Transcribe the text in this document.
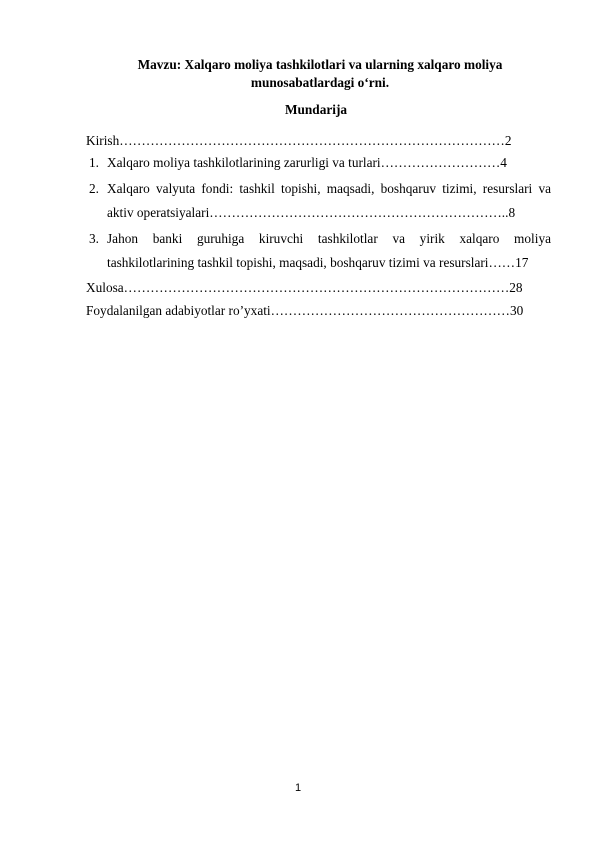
Mavzu: Xalqaro moliya tashkilotlari va ularning xalqaro moliya
munosabatlardagi o‘rni.
Mundarija
Kirish……………………………………………………………………………2
1. Xalqaro moliya tashkilotlarining zarurligi va turlari………………………4
2. Xalqaro valyuta fondi: tashkil topishi, maqsadi, boshqaruv tizimi, resurslari va
aktiv operatsiyalari…………………………………………………………..8
3. Jahon banki guruhiga kiruvchi tashkilotlar va yirik xalqaro moliya
tashkilotlarining tashkil topishi, maqsadi, boshqaruv tizimi va resurslari……17
Xulosa……………………………………………………………………………28
Foydalanilgan adabiyotlar ro’yxati………………………………………………30
1
